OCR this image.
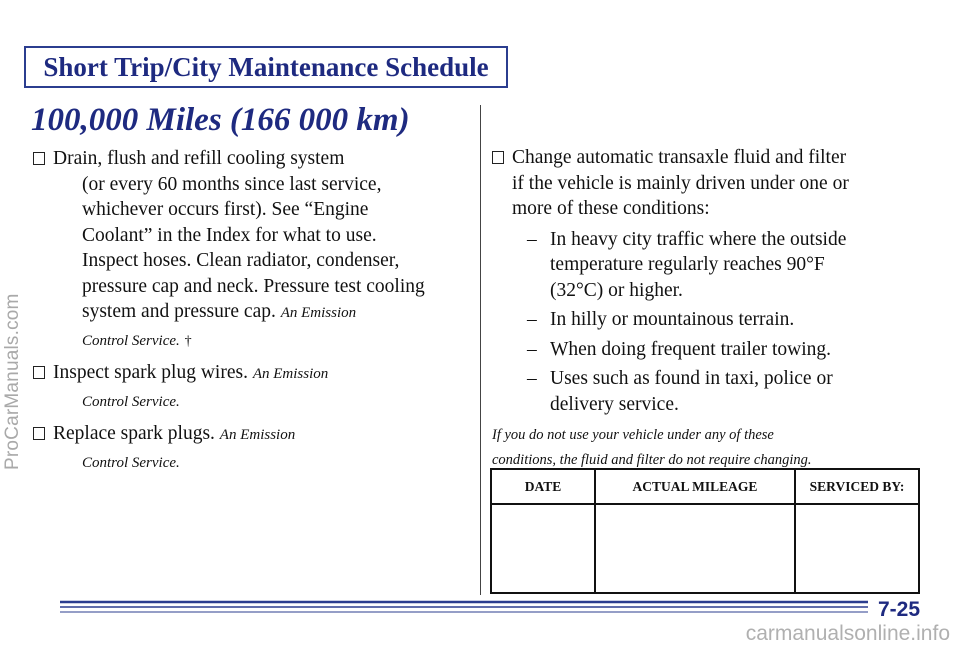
ProCarManuals.com
Short Trip/City Maintenance Schedule
100,000 Miles (166 000 km)
Drain, flush and refill cooling system
(or every 60 months since last service,
whichever occurs first). See “Engine
Coolant” in the Index for what to use.
Inspect hoses. Clean radiator, condenser,
pressure cap and neck. Pressure test cooling
system and pressure cap. An Emission
Control Service. †
Inspect spark plug wires. An Emission
Control Service.
Replace spark plugs. An Emission
Control Service.
Change automatic transaxle fluid and filter
if the vehicle is mainly driven under one or
more of these conditions:
– In heavy city traffic where the outside
temperature regularly reaches 90°F
(32°C) or higher.
– In hilly or mountainous terrain.
– When doing frequent trailer towing.
– Uses such as found in taxi, police or
delivery service.
If you do not use your vehicle under any of these
conditions, the fluid and filter do not require changing.
DATE	ACTUAL MILEAGE	SERVICED BY:

7-25
carmanualsonline.info
